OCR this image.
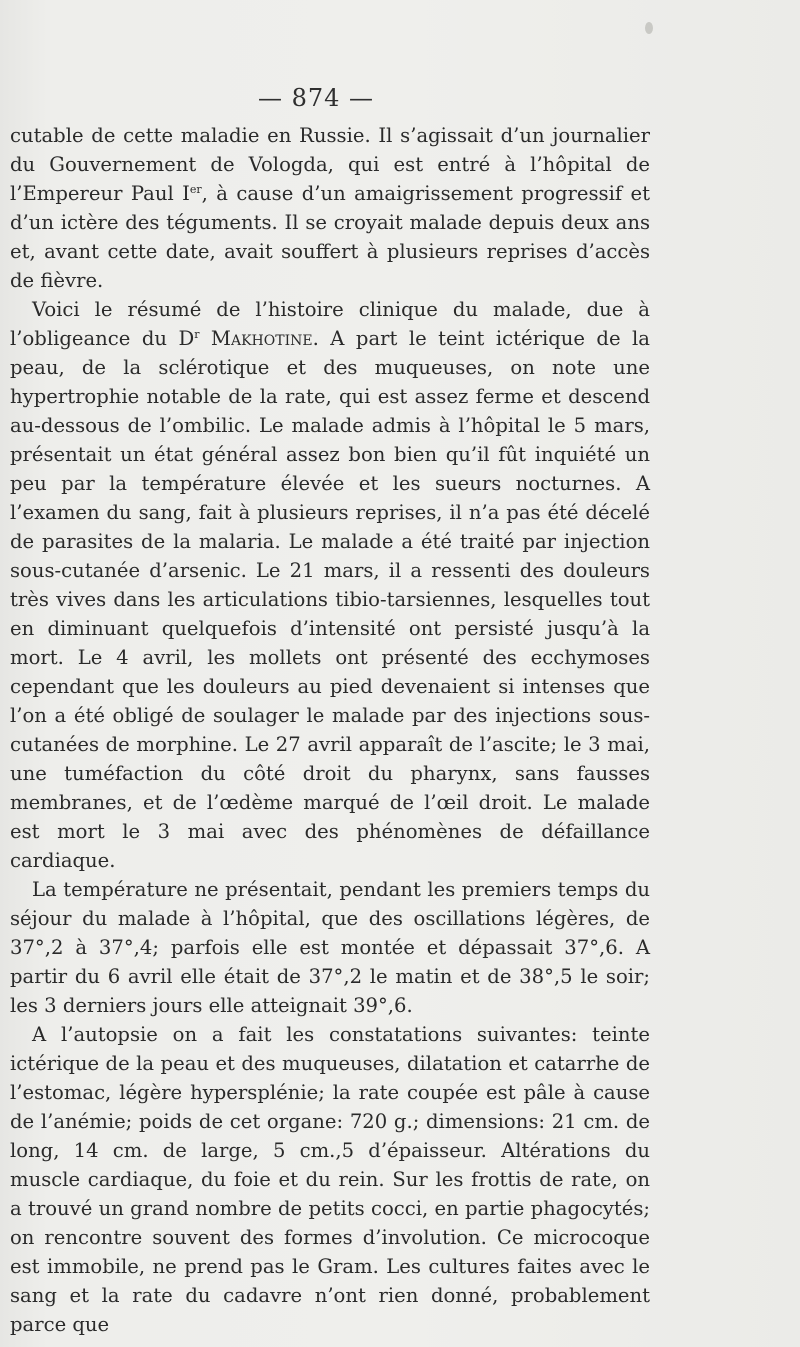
— 874 —

cutable de cette maladie en Russie. Il s’agissait d’un journalier du Gouvernement de Vologda, qui est entré à l’hôpital de l’Empereur Paul Ier, à cause d’un amaigrissement progressif et d’un ictère des téguments. Il se croyait malade depuis deux ans et, avant cette date, avait souffert à plusieurs reprises d’accès de fièvre.

Voici le résumé de l’histoire clinique du malade, due à l’obligeance du $D^r$ Makhotine. A part le teint ictérique de la peau, de la sclérotique et des muqueuses, on note une hypertrophie notable de la rate, qui est assez ferme et descend au-dessous de l’ombilic. Le malade admis à l’hôpital le 5 mars, présentait un état général assez bon bien qu’il fût inquiété un peu par la température élevée et les sueurs nocturnes. A l’examen du sang, fait à plusieurs reprises, il n’a pas été décelé de parasites de la malaria. Le malade a été traité par injection sous-cutanée d’arsenic. Le 21 mars, il a ressenti des douleurs très vives dans les articulations tibio-tarsiennes, lesquelles tout en diminuant quelquefois d’intensité ont persisté jusqu’à la mort. Le 4 avril, les mollets ont présenté des ecchymoses cependant que les douleurs au pied devenaient si intenses que l’on a été obligé de soulager le malade par des injections sous-cutanées de morphine. Le 27 avril apparaît de l’ascite; le 3 mai, une tuméfaction du côté droit du pharynx, sans fausses membranes, et de l’œdème marqué de l’œil droit. Le malade est mort le 3 mai avec des phénomènes de défaillance cardiaque.

La température ne présentait, pendant les premiers temps du séjour du malade à l’hôpital, que des oscillations légères, de 37°,2 à 37°,4; parfois elle est montée et dépassait 37°,6. A partir du 6 avril elle était de 37°,2 le matin et de 38°,5 le soir; les 3 derniers jours elle atteignait 39°,6.

A l’autopsie on a fait les constatations suivantes: teinte ictérique de la peau et des muqueuses, dilatation et catarrhe de l’estomac, légère hypersplénie; la rate coupée est pâle à cause de l’anémie; poids de cet organe: 720 g.; dimensions: 21 cm. de long, 14 cm. de large, 5 cm.,5 d’épaisseur. Altérations du muscle cardiaque, du foie et du rein. Sur les frottis de rate, on a trouvé un grand nombre de petits cocci, en partie phagocytés; on rencontre souvent des formes d’involution. Ce microcoque est immobile, ne prend pas le Gram. Les cultures faites avec le sang et la rate du cadavre n’ont rien donné, probablement parce que
